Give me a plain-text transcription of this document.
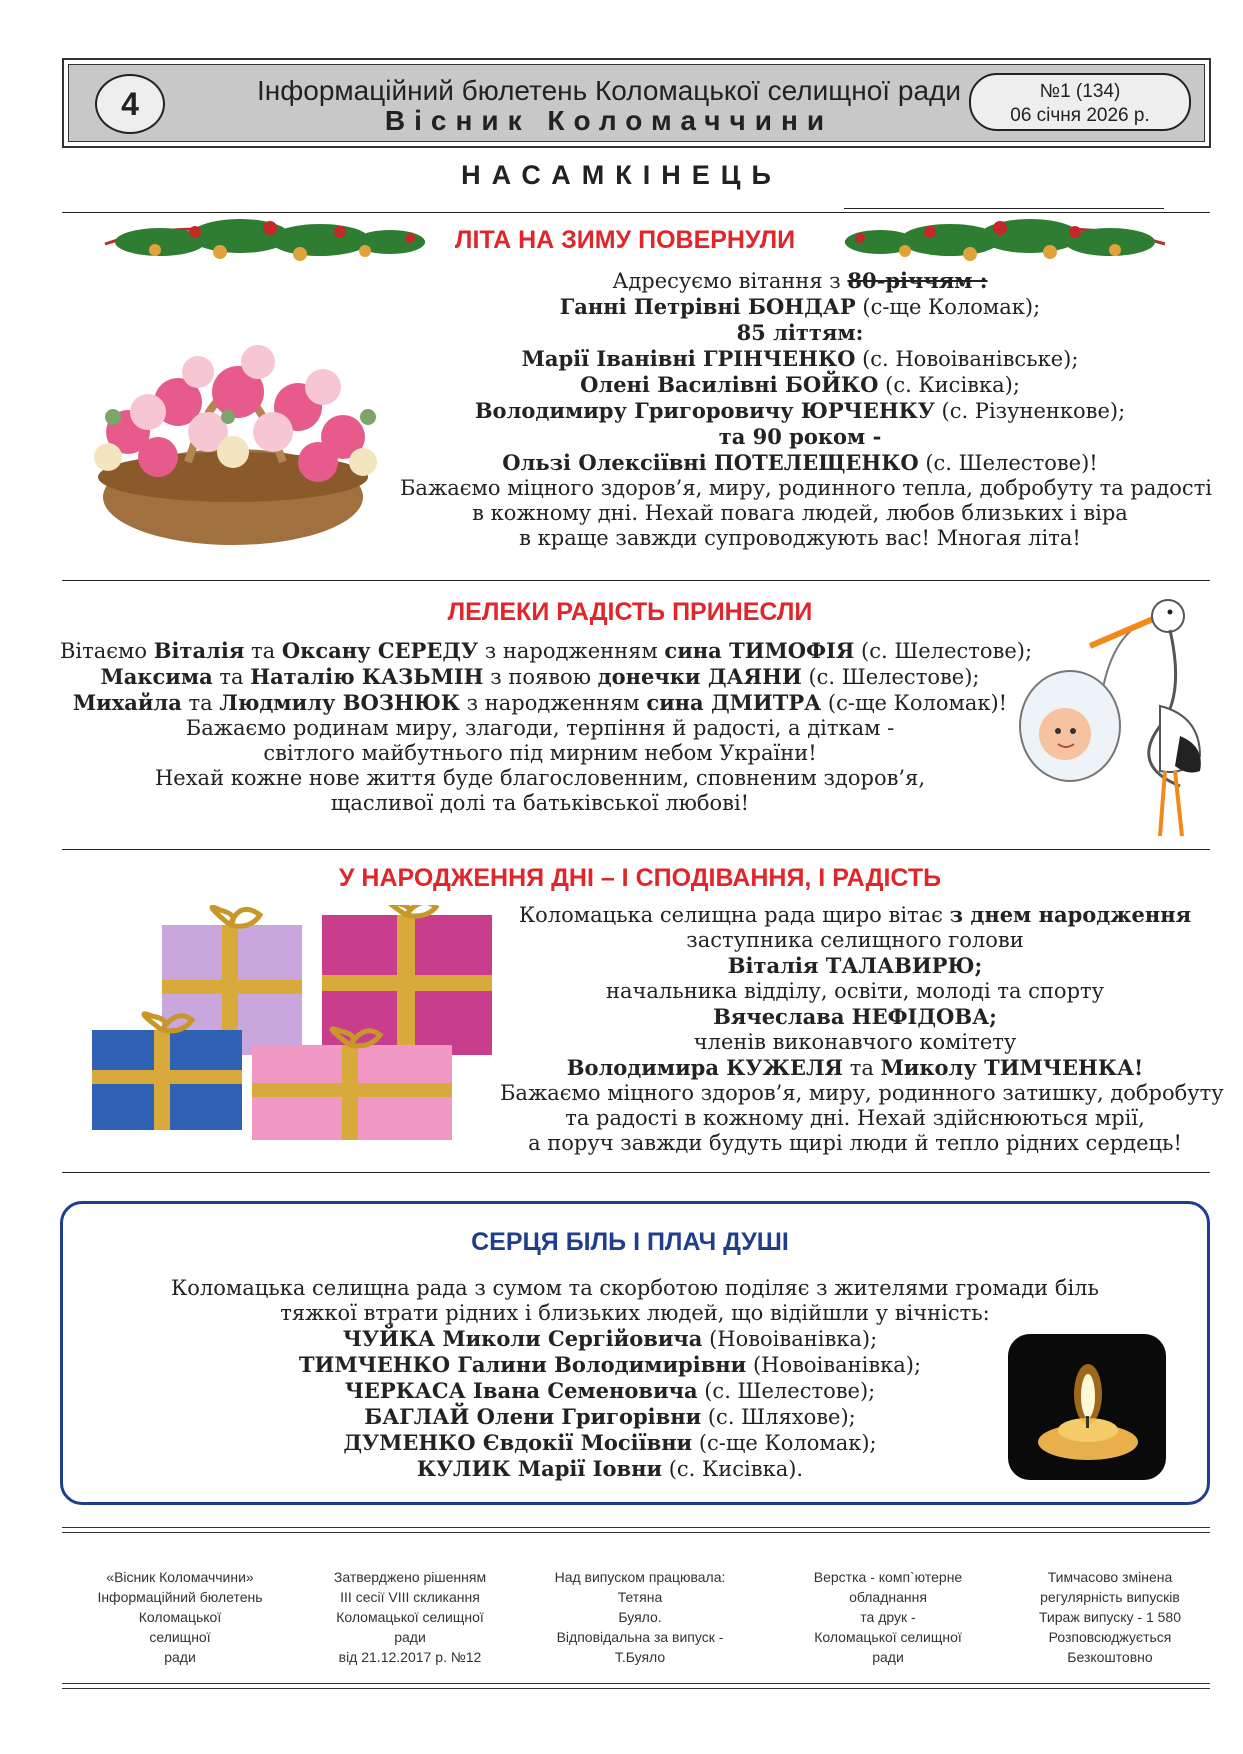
4	Інформаційний бюлетень Коломацької селищної ради
Вісник Коломаччини
№1 (134)
06 січня 2026 р.
НАСАМКІНЕЦЬ
ЛІТА НА ЗИМУ ПОВЕРНУЛИ
Адресуємо вітання з 80-річчям :
Ганні Петрівні БОНДАР (с-ще Коломак);
85 літтям:
Марії Іванівні ГРІНЧЕНКО (с. Новоіванівське);
Олені Василівні БОЙКО (с. Кисівка);
Володимиру Григоровичу ЮРЧЕНКУ (с. Різуненкове);
та 90 роком -
Ользі Олексіївні ПОТЕЛЕЩЕНКО (с. Шелестове)!
Бажаємо міцного здоров’я, миру, родинного тепла, добробуту та радості
в кожному дні. Нехай повага людей, любов близьких і віра
в краще завжди супроводжують вас! Многая літа!
ЛЕЛЕКИ РАДІСТЬ ПРИНЕСЛИ
Вітаємо Віталія та Оксану СЕРЕДУ з народженням сина ТИМОФІЯ (с. Шелестове);
Максима та Наталію КАЗЬМІН з появою донечки ДАЯНИ (с. Шелестове);
Михайла та Людмилу ВОЗНЮК з народженням сина ДМИТРА (с-ще Коломак)!
Бажаємо родинам миру, злагоди, терпіння й радості, а діткам -
світлого майбутнього під мирним небом України!
Нехай кожне нове життя буде благословенним, сповненим здоров’я,
щасливої долі та батьківської любові!
У НАРОДЖЕННЯ ДНІ – І СПОДІВАННЯ, І РАДІСТЬ
Коломацька селищна рада щиро вітає з днем народження
заступника селищного голови
Віталія ТАЛАВИРЮ;
начальника відділу, освіти, молоді та спорту
Вячеслава НЕФІДОВА;
членів виконавчого комітету
Володимира КУЖЕЛЯ та Миколу ТИМЧЕНКА!
Бажаємо міцного здоров’я, миру, родинного затишку, добробуту
та радості в кожному дні. Нехай здійснюються мрії,
а поруч завжди будуть щирі люди й тепло рідних сердець!
СЕРЦЯ БІЛЬ І ПЛАЧ ДУШІ
Коломацька селищна рада з сумом та скорботою поділяє з жителями громади біль
тяжкої втрати рідних і близьких людей, що відійшли у вічність:
ЧУЙКА Миколи Сергійовича (Новоіванівка);
ТИМЧЕНКО Галини Володимирівни (Новоіванівка);
ЧЕРКАСА Івана Семеновича (с. Шелестове);
БАГЛАЙ Олени Григорівни (с. Шляхове);
ДУМЕНКО Євдокії Мосіївни (с-ще Коломак);
КУЛИК Марії Іовни (с. Кисівка).
«Вісник Коломаччини»
Інформаційний бюлетень
Коломацької
селищної
ради
Затверджено рішенням
III сесії VIII скликання
Коломацької селищної
ради
від 21.12.2017 р. №12
Над випуском працювала:
Тетяна
Буяло.
Відповідальна за випуск -
Т.Буяло
Верстка - комп`ютерне
обладнання
та друк -
Коломацької селищної
ради
Тимчасово змінена
регулярність випусків
Тираж випуску - 1 580
Розповсюджується
Безкоштовно
